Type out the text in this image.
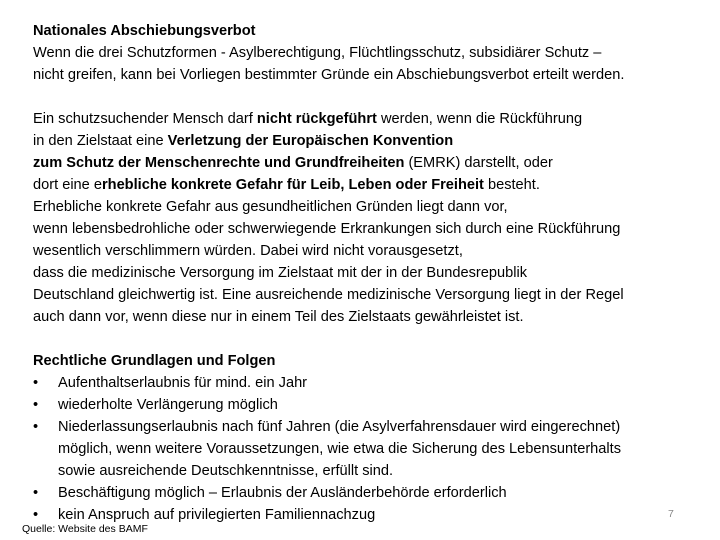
Nationales Abschiebungsverbot
Wenn die drei Schutzformen - Asylberechtigung, Flüchtlingsschutz, subsidiärer Schutz –
nicht greifen, kann bei Vorliegen bestimmter Gründe ein Abschiebungsverbot erteilt werden.
Ein schutzsuchender Mensch darf nicht rückgeführt werden, wenn die Rückführung
in den Zielstaat eine Verletzung der Europäischen Konvention
zum Schutz der Menschenrechte und Grundfreiheiten (EMRK) darstellt, oder
dort eine erhebliche konkrete Gefahr für Leib, Leben oder Freiheit besteht.
Erhebliche konkrete Gefahr aus gesundheitlichen Gründen liegt dann vor,
wenn lebensbedrohliche oder schwerwiegende Erkrankungen sich durch eine Rückführung
wesentlich verschlimmern würden. Dabei wird nicht vorausgesetzt,
dass die medizinische Versorgung im Zielstaat mit der in der Bundesrepublik
Deutschland gleichwertig ist. Eine ausreichende medizinische Versorgung liegt in der Regel
auch dann vor, wenn diese nur in einem Teil des Zielstaats gewährleistet ist.
Rechtliche Grundlagen und Folgen
•	Aufenthaltserlaubnis für mind. ein Jahr
•	wiederholte Verlängerung möglich
•	Niederlassungserlaubnis nach fünf Jahren (die Asylverfahrensdauer wird eingerechnet)
möglich, wenn weitere Voraussetzungen, wie etwa die Sicherung des Lebensunterhalts
sowie ausreichende Deutschkenntnisse, erfüllt sind.
•	Beschäftigung möglich – Erlaubnis der Ausländerbehörde erforderlich
•	kein Anspruch auf privilegierten Familiennachzug	7
Quelle: Website des BAMF
